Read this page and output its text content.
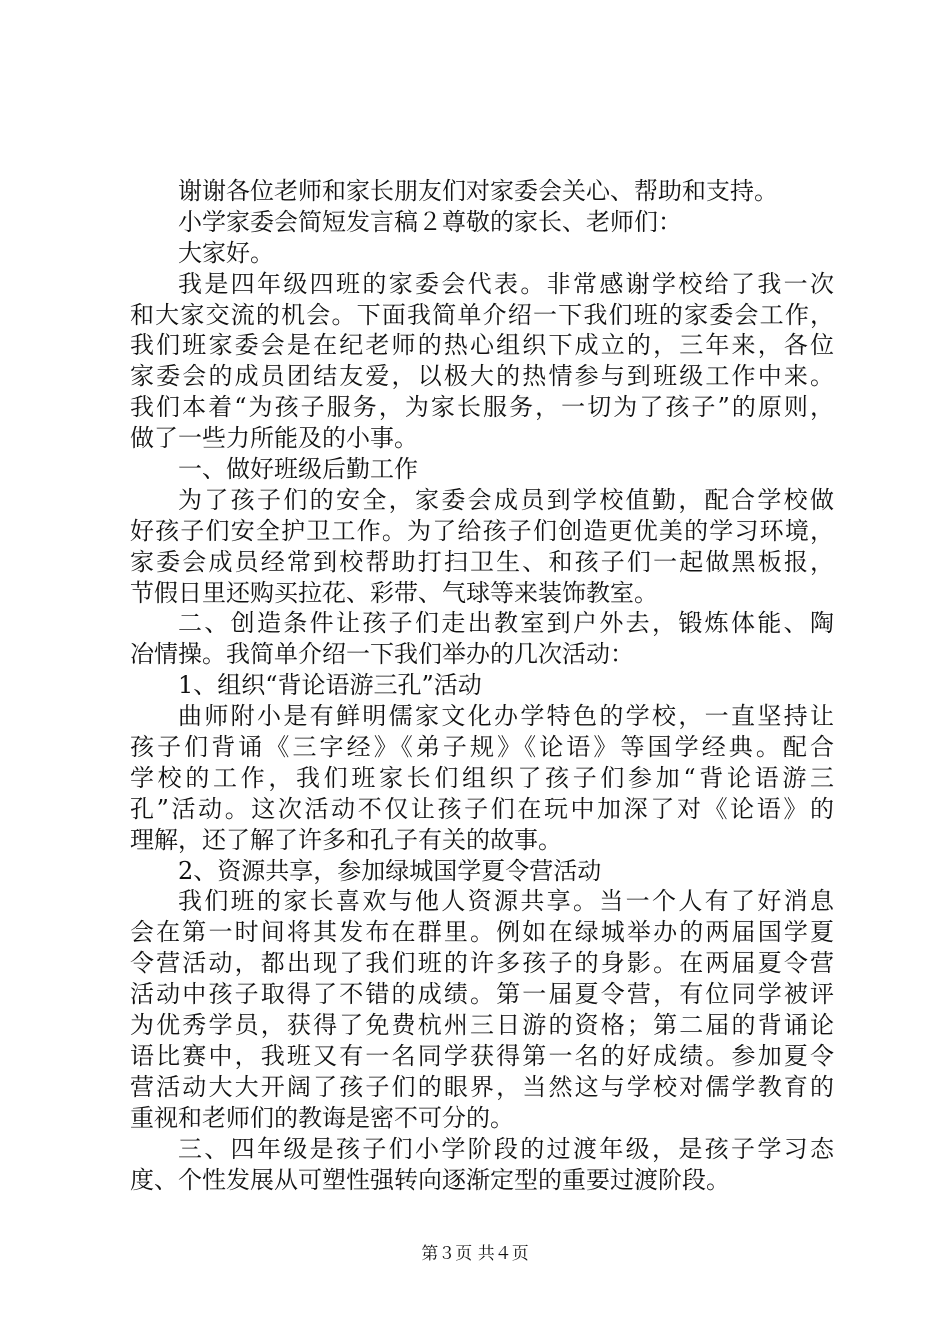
谢谢各位老师和家长朋友们对家委会关心、帮助和支持。
小学家委会简短发言稿２尊敬的家长、老师们：
大家好。
我是四年级四班的家委会代表。非常感谢学校给了我一次
和大家交流的机会。下面我简单介绍一下我们班的家委会工作，
我们班家委会是在纪老师的热心组织下成立的，三年来，各位
家委会的成员团结友爱，以极大的热情参与到班级工作中来。
我们本着“为孩子服务，为家长服务，一切为了孩子”的原则，
做了一些力所能及的小事。
一、做好班级后勤工作
为了孩子们的安全，家委会成员到学校值勤，配合学校做
好孩子们安全护卫工作。为了给孩子们创造更优美的学习环境，
家委会成员经常到校帮助打扫卫生、和孩子们一起做黑板报，
节假日里还购买拉花、彩带、气球等来装饰教室。
二、创造条件让孩子们走出教室到户外去，锻炼体能、陶
冶情操。我简单介绍一下我们举办的几次活动：
1、组织“背论语游三孔”活动
曲师附小是有鲜明儒家文化办学特色的学校，一直坚持让
孩子们背诵《三字经》《弟子规》《论语》等国学经典。配合
学校的工作，我们班家长们组织了孩子们参加“背论语游三
孔”活动。这次活动不仅让孩子们在玩中加深了对《论语》的
理解，还了解了许多和孔子有关的故事。
2、资源共享，参加绿城国学夏令营活动
我们班的家长喜欢与他人资源共享。当一个人有了好消息
会在第一时间将其发布在群里。例如在绿城举办的两届国学夏
令营活动，都出现了我们班的许多孩子的身影。在两届夏令营
活动中孩子取得了不错的成绩。第一届夏令营，有位同学被评
为优秀学员，获得了免费杭州三日游的资格；第二届的背诵论
语比赛中，我班又有一名同学获得第一名的好成绩。参加夏令
营活动大大开阔了孩子们的眼界，当然这与学校对儒学教育的
重视和老师们的教诲是密不可分的。
三、四年级是孩子们小学阶段的过渡年级，是孩子学习态
度、个性发展从可塑性强转向逐渐定型的重要过渡阶段。
第３页 共４页
